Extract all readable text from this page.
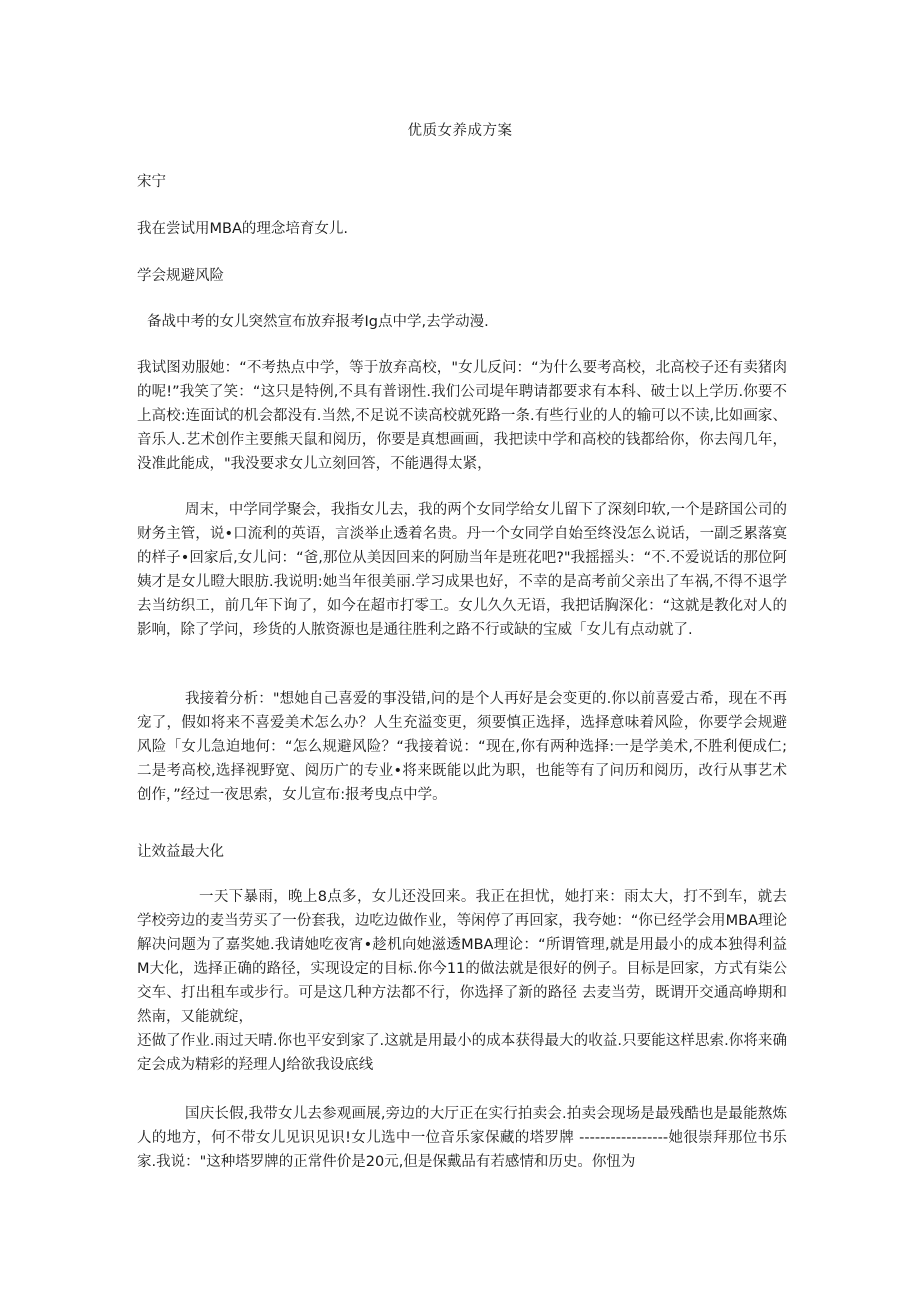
优质女养成方案
宋宁
我在尝试用MBA的理念培育女儿.
学会规避风险
备战中考的女儿突然宣布放弃报考Ig点中学,去学动漫.
我试图劝服她：“不考热点中学，等于放弃高校，"女儿反问：“为什么要考高校，北高校子还有卖猪肉的呢!”我笑了笑：“这只是特例,不具有普诩性.我们公司堤年聘请都要求有本科、破士以上学历.你要不上高校:连面试的机会都没有.当然,不足说不读高校就死路一条.有些行业的人的输可以不读,比如画家、音乐人.艺术创作主要熊天鼠和阅历，你要是真想画画，我把读中学和高校的钱都给你，你去闯几年，没准此能成，"我没要求女儿立刻回答，不能遇得太紧，
周末，中学同学聚会，我指女儿去，我的两个女同学给女儿留下了深刻印软,一个是跻国公司的财务主管，说•口流利的英语，言淡举止透着名贵。丹一个女同学自始至终没怎么说话，一副乏累落寞的样子•回家后,女儿问：“爸,那位从美因回来的阿励当年是班花吧?"我摇摇头：“不.不爱说话的那位阿姨才是女儿瞪大眼肪.我说明:她当年很美丽.学习成果也好，不幸的是高考前父亲出了车祸,不得不退学去当纺织工，前几年下询了，如今在超市打零工。女儿久久无语，我把话胸深化：“这就是教化对人的影响，除了学问，珍货的人脓资源也是通往胜利之路不行或缺的宝威「女儿有点动就了.
我接着分析："想她自己喜爱的事没错,问的是个人再好是会变更的.你以前喜爱古希，现在不再宠了，假如将来不喜爱美术怎么办？人生充溢变更，须要慎正选择，选择意味着风险，你要学会规避风险「女儿急迫地何：“怎么规避风险？“我接着说：“现在,你有两种选择:一是学美术,不胜利便成仁;二是考高校,选择视野宽、阅历广的专业•将来既能以此为职，也能等有了问历和阅历，改行从事艺术创作，”经过一夜思索，女儿宣布:报考曳点中学。
让效益最大化
一天下暴雨，晚上8点多，女儿还没回来。我正在担忧，她打来：雨太大，打不到车，就去学校旁边的麦当劳买了一份套我，边吃边做作业，等闲停了再回家，我夸她：“你已经学会用MBA理论解决问题为了嘉奖她.我请她吃夜宵•趁机向她滋透MBA理论：“所谓管理,就是用最小的成本独得利益M大化，选择正确的路径，实现设定的目标.你今11的做法就是很好的例子。目标是回家，方式有柒公交车、打出租车或步行。可是这几种方法都不行，你选择了新的路径 去麦当劳，既谓开交通高峥期和然南，又能就绽，
还做了作业.雨过天晴.你也平安到家了.这就是用最小的成本获得最大的收益.只要能这样思索.你将来确定会成为精彩的羟理人J给欲我设底线
国庆长假,我带女儿去参观画展,旁边的大厅正在实行拍卖会.拍卖会现场是最残酷也是最能熬炼人的地方，何不带女儿见识见识!女儿选中一位音乐家保藏的塔罗牌 -----------------她很崇拜那位书乐家.我说："这种塔罗牌的正常件价是20元,但是保戴品有若感情和历史。你忸为
